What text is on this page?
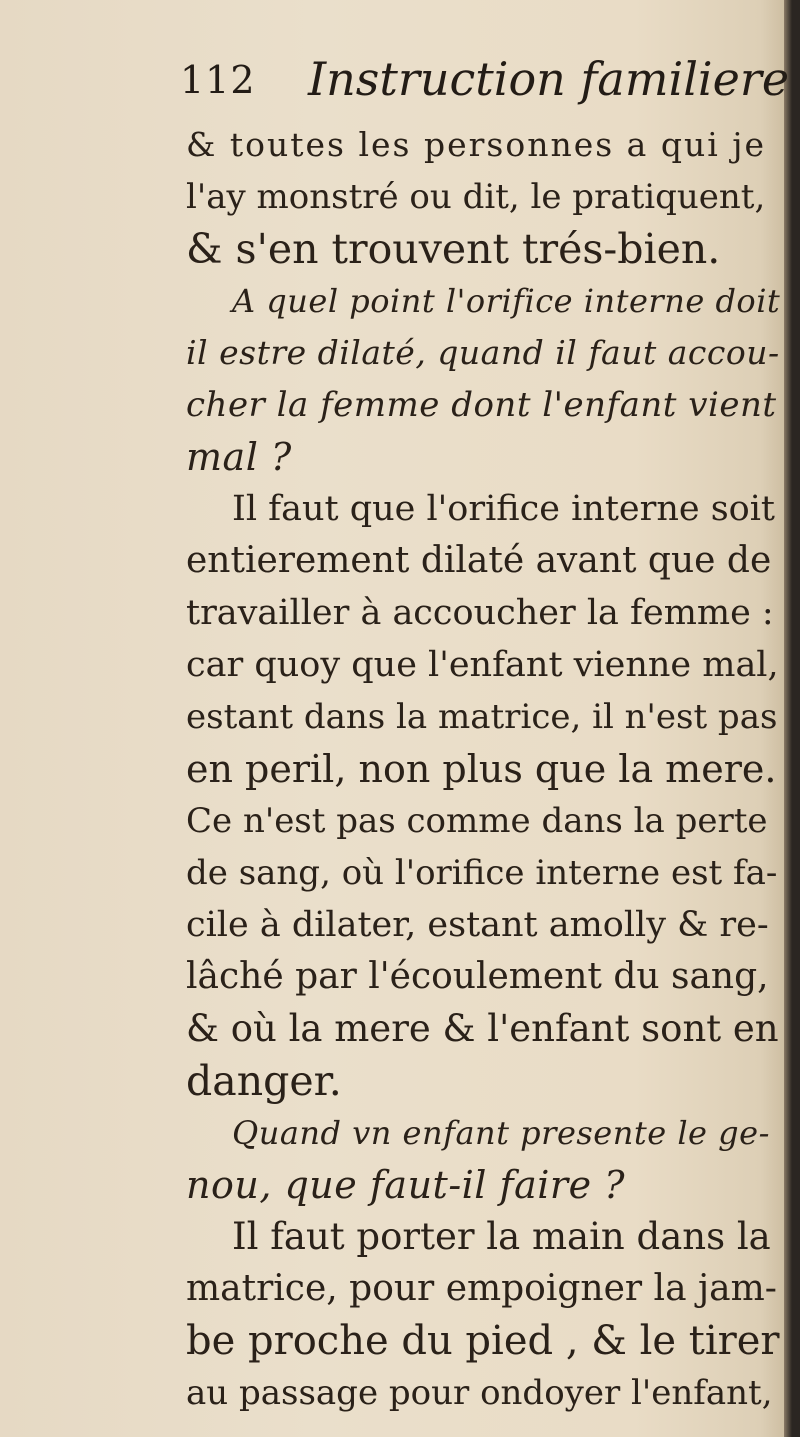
112 Instruction familiere
& toutes les personnes a qui je
l'ay monstré ou dit, le pratiquent,
& s'en trouvent trés-bien.
A quel point l'orifice interne doit
il estre dilaté, quand il faut accou-
cher la femme dont l'enfant vient
mal ?
Il faut que l'orifice interne soit
entierement dilaté avant que de
travailler à accoucher la femme :
car quoy que l'enfant vienne mal,
estant dans la matrice, il n'est pas
en peril, non plus que la mere.
Ce n'est pas comme dans la perte
de sang, où l'orifice interne est fa-
cile à dilater, estant amolly & re-
lâché par l'écoulement du sang,
& où la mere & l'enfant sont en
danger.
Quand vn enfant presente le ge-
nou, que faut-il faire ?
Il faut porter la main dans la
matrice, pour empoigner la jam-
be proche du pied , & le tirer
au passage pour ondoyer l'enfant,
